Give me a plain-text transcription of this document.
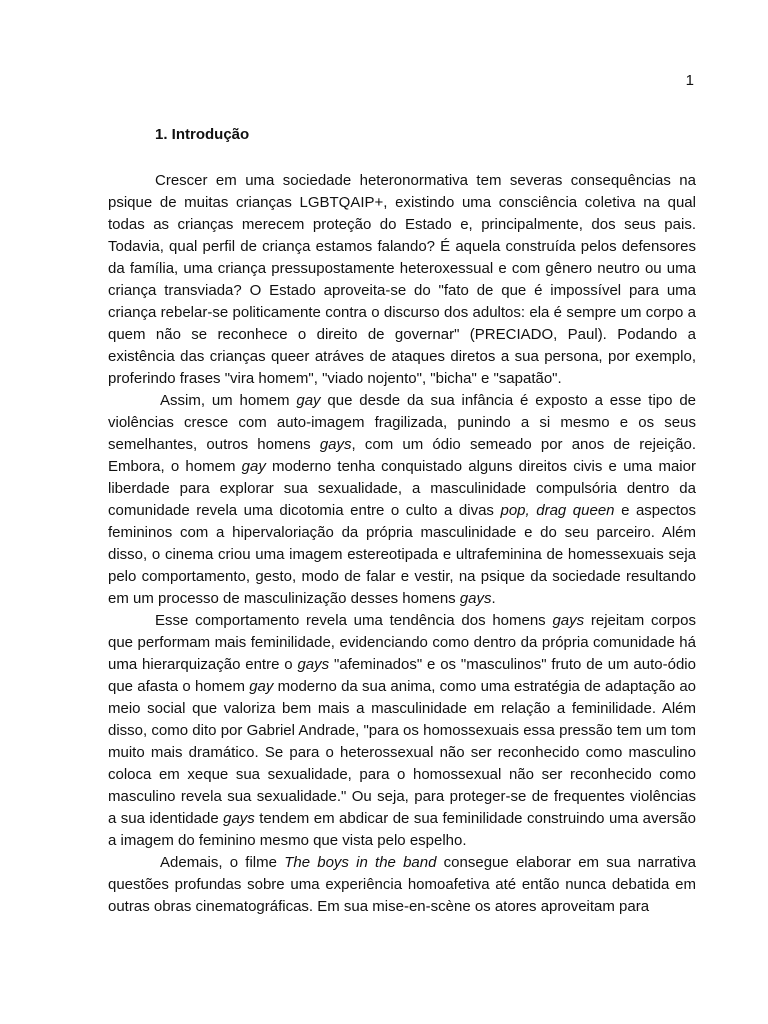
1
1. Introdução

Crescer em uma sociedade heteronormativa tem severas consequências na psique de muitas crianças LGBTQAIP+, existindo uma consciência coletiva na qual todas as crianças merecem proteção do Estado e, principalmente, dos seus pais. Todavia, qual perfil de criança estamos falando? É aquela construída pelos defensores da família, uma criança pressupostamente heteroxessual e com gênero neutro ou uma criança transviada? O Estado aproveita-se do "fato de que é impossível para uma criança rebelar-se politicamente contra o discurso dos adultos: ela é sempre um corpo a quem não se reconhece o direito de governar" (PRECIADO, Paul). Podando a existência das crianças queer atráves de ataques diretos a sua persona, por exemplo, proferindo frases "vira homem", "viado nojento", "bicha" e "sapatão".

Assim, um homem gay que desde da sua infância é exposto a esse tipo de violências cresce com auto-imagem fragilizada, punindo a si mesmo e os seus semelhantes, outros homens gays, com um ódio semeado por anos de rejeição. Embora, o homem gay moderno tenha conquistado alguns direitos civis e uma maior liberdade para explorar sua sexualidade, a masculinidade compulsória dentro da comunidade revela uma dicotomia entre o culto a divas pop, drag queen e aspectos femininos com a hipervaloriação da própria masculinidade e do seu parceiro. Além disso, o cinema criou uma imagem estereotipada e ultrafeminina de homessexuais seja pelo comportamento, gesto, modo de falar e vestir, na psique da sociedade resultando em um processo de masculinização desses homens gays.

Esse comportamento revela uma tendência dos homens gays rejeitam corpos que performam mais feminilidade, evidenciando como dentro da própria comunidade há uma hierarquização entre o gays "afeminados" e os "masculinos" fruto de um auto-ódio que afasta o homem gay moderno da sua anima, como uma estratégia de adaptação ao meio social que valoriza bem mais a masculinidade em relação a feminilidade. Além disso, como dito por Gabriel Andrade, "para os homossexuais essa pressão tem um tom muito mais dramático. Se para o heterossexual não ser reconhecido como masculino coloca em xeque sua sexualidade, para o homossexual não ser reconhecido como masculino revela sua sexualidade." Ou seja, para proteger-se de frequentes violências a sua identidade gays tendem em abdicar de sua feminilidade construindo uma aversão a imagem do feminino mesmo que vista pelo espelho.

Ademais, o filme The boys in the band consegue elaborar em sua narrativa questões profundas sobre uma experiência homoafetiva até então nunca debatida em outras obras cinematográficas. Em sua mise-en-scène os atores aproveitam para
